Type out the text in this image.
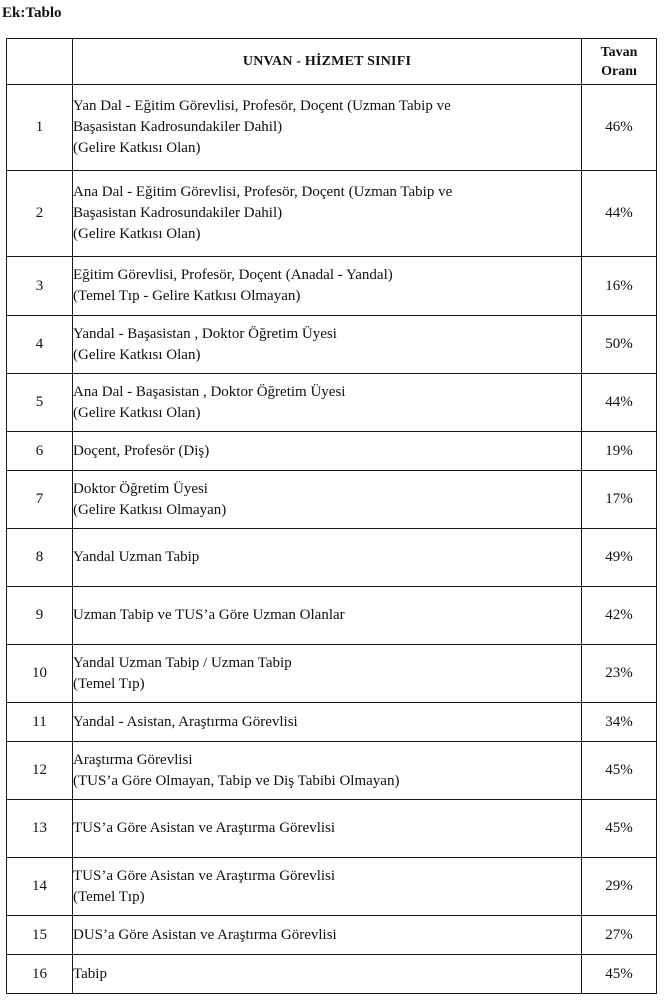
Ek:Tablo
	UNVAN - HİZMET SINIFI	Tavan
Oranı

1	Yan Dal - Eğitim Görevlisi, Profesör, Doçent (Uzman Tabip ve
Başasistan Kadrosundakiler Dahil)
(Gelire Katkısı Olan)	46%
2	Ana Dal - Eğitim Görevlisi, Profesör, Doçent (Uzman Tabip ve
Başasistan Kadrosundakiler Dahil)
(Gelire Katkısı Olan)	44%
3	Eğitim Görevlisi, Profesör, Doçent (Anadal - Yandal)
(Temel Tıp - Gelire Katkısı Olmayan)	16%
4	Yandal - Başasistan , Doktor Öğretim Üyesi
(Gelire Katkısı Olan)	50%
5	Ana Dal - Başasistan , Doktor Öğretim Üyesi
(Gelire Katkısı Olan)	44%
6	Doçent, Profesör (Diş)	19%
7	Doktor Öğretim Üyesi
(Gelire Katkısı Olmayan)	17%
8	Yandal Uzman Tabip	49%
9	Uzman Tabip ve TUS’a Göre Uzman Olanlar	42%
10	Yandal Uzman Tabip / Uzman Tabip
(Temel Tıp)	23%
11	Yandal - Asistan, Araştırma Görevlisi	34%
12	Araştırma Görevlisi
(TUS’a Göre Olmayan, Tabip ve Diş Tabibi Olmayan)	45%
13	TUS’a Göre Asistan ve Araştırma Görevlisi	45%
14	TUS’a Göre Asistan ve Araştırma Görevlisi
(Temel Tıp)	29%
15	DUS’a Göre Asistan ve Araştırma Görevlisi	27%
16	Tabip	45%
